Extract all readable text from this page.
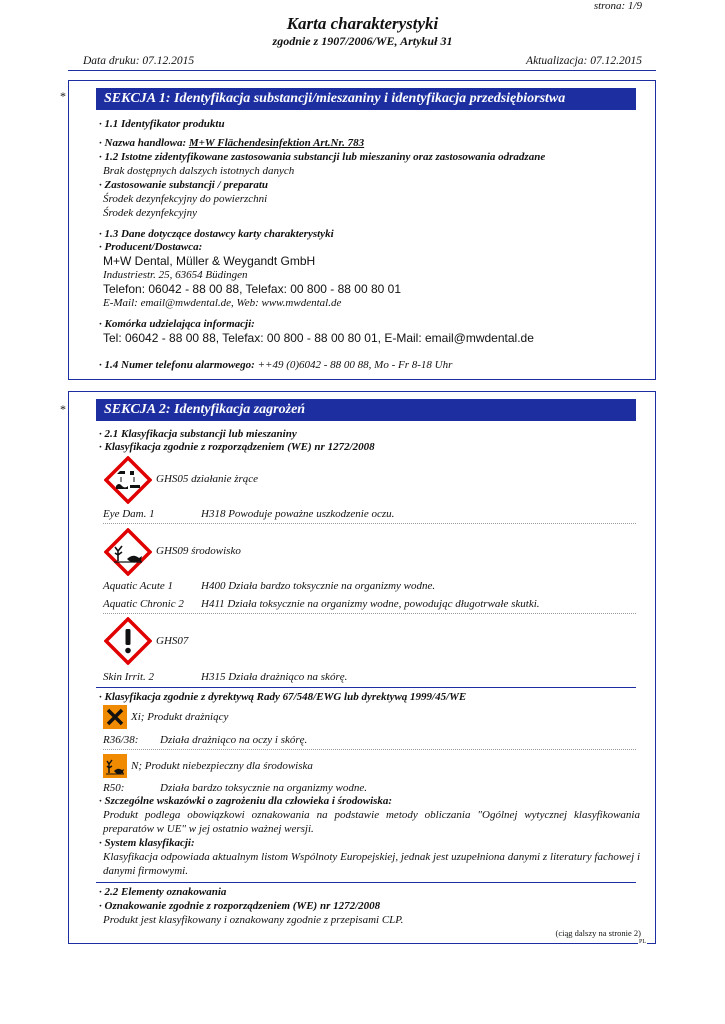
strona: 1/9
Karta charakterystyki
zgodnie z 1907/2006/WE, Artykuł 31
Data druku: 07.12.2015	Aktualizacja: 07.12.2015
*	SEKCJA 1: Identyfikacja substancji/mieszaniny i identyfikacja przedsiębiorstwa
· 1.1 Identyfikator produktu
· Nazwa handlowa: M+W Flächendesinfektion Art.Nr. 783
· 1.2 Istotne zidentyfikowane zastosowania substancji lub mieszaniny oraz zastosowania odradzane
Brak dostępnych dalszych istotnych danych
· Zastosowanie substancji / preparatu
Środek dezynfekcyjny do powierzchni
Środek dezynfekcyjny
· 1.3 Dane dotyczące dostawcy karty charakterystyki
· Producent/Dostawca:
M+W Dental, Müller & Weygandt GmbH
Industriestr. 25, 63654 Büdingen
Telefon: 06042 - 88 00 88, Telefax: 00 800 - 88 00 80 01
E-Mail: email@mwdental.de, Web: www.mwdental.de
· Komórka udzielająca informacji:
Tel: 06042 - 88 00 88, Telefax: 00 800 - 88 00 80 01, E-Mail: email@mwdental.de
· 1.4 Numer telefonu alarmowego: ++49 (0)6042 - 88 00 88, Mo - Fr 8-18 Uhr
*	SEKCJA 2: Identyfikacja zagrożeń
· 2.1 Klasyfikacja substancji lub mieszaniny
· Klasyfikacja zgodnie z rozporządzeniem (WE) nr 1272/2008
GHS05 działanie żrące
Eye Dam. 1	H318 Powoduje poważne uszkodzenie oczu.
GHS09 środowisko
Aquatic Acute 1	H400 Działa bardzo toksycznie na organizmy wodne.
Aquatic Chronic 2 H411 Działa toksycznie na organizmy wodne, powodując długotrwałe skutki.
GHS07
Skin Irrit. 2	H315 Działa drażniąco na skórę.
· Klasyfikacja zgodnie z dyrektywą Rady 67/548/EWG lub dyrektywą 1999/45/WE
Xi; Produkt drażniący
R36/38: Działa drażniąco na oczy i skórę.
N; Produkt niebezpieczny dla środowiska
R50:	Działa bardzo toksycznie na organizmy wodne.
· Szczególne wskazówki o zagrożeniu dla człowieka i środowiska:
Produkt podlega obowiązkowi oznakowania na podstawie metody obliczania "Ogólnej wytycznej klasyfikowania preparatów w UE" w jej ostatnio ważnej wersji.
· System klasyfikacji:
Klasyfikacja odpowiada aktualnym listom Wspólnoty Europejskiej, jednak jest uzupełniona danymi z literatury fachowej i danymi firmowymi.
· 2.2 Elementy oznakowania
· Oznakowanie zgodnie z rozporządzeniem (WE) nr 1272/2008
Produkt jest klasyfikowany i oznakowany zgodnie z przepisami CLP.
(ciąg dalszy na stronie 2)
PL
